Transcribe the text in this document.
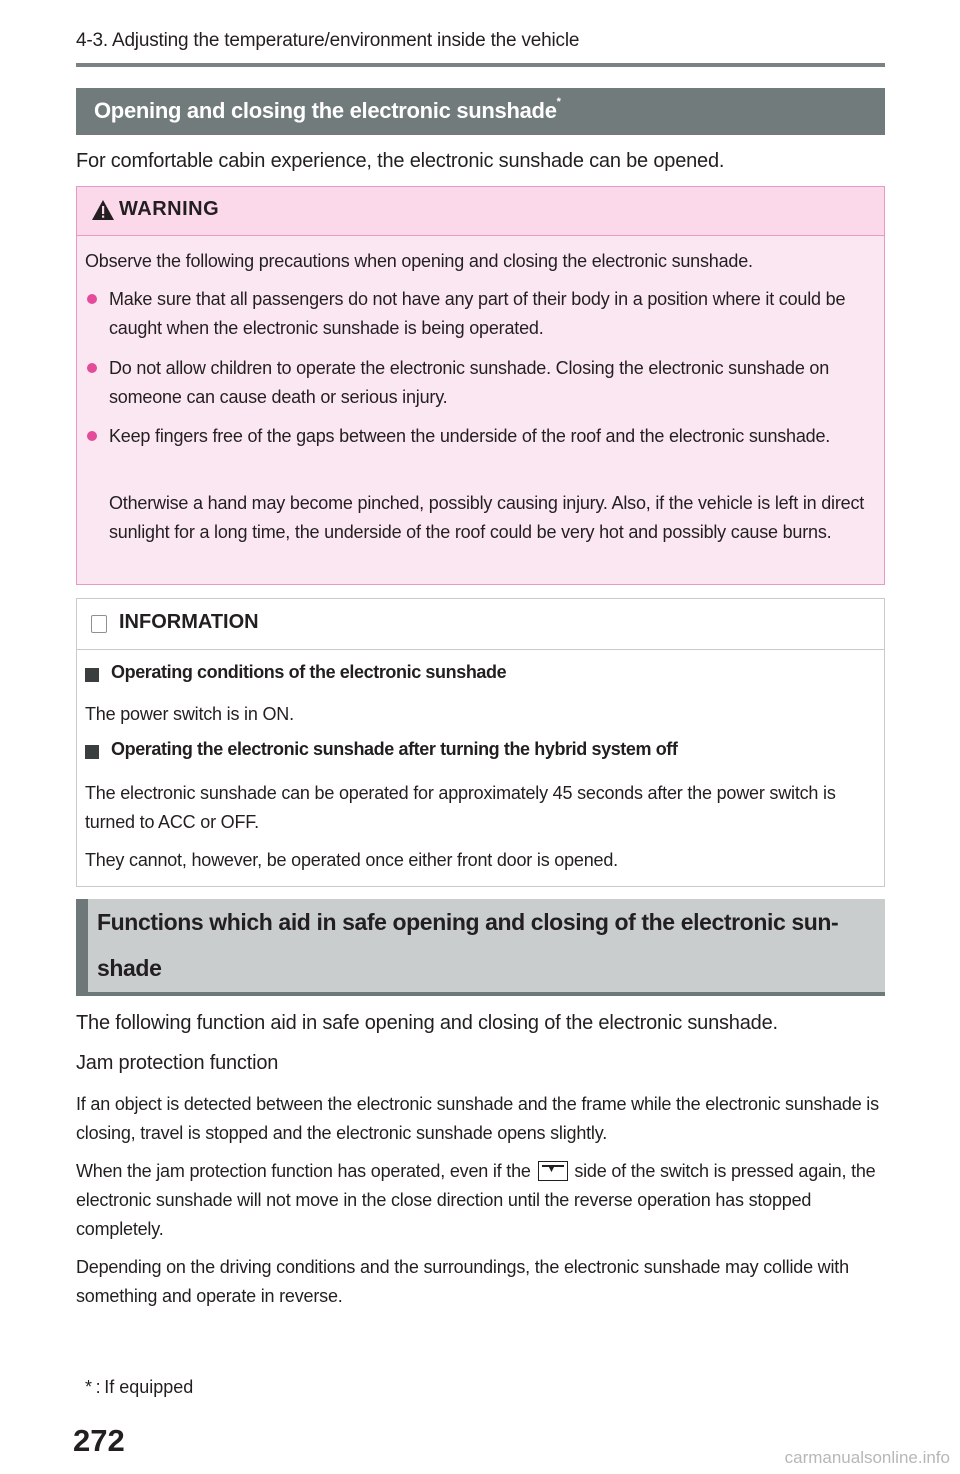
4-3. Adjusting the temperature/environment inside the vehicle
Opening and closing the electronic sunshade*
For comfortable cabin experience, the electronic sunshade can be opened.
WARNING
Observe the following precautions when opening and closing the electronic sunshade.
Make sure that all passengers do not have any part of their body in a position where it could be caught when the electronic sunshade is being operated.
Do not allow children to operate the electronic sunshade. Closing the electronic sunshade on someone can cause death or serious injury.
Keep fingers free of the gaps between the underside of the roof and the electronic sunshade.
Otherwise a hand may become pinched, possibly causing injury. Also, if the vehicle is left in direct sunlight for a long time, the underside of the roof could be very hot and possibly cause burns.
INFORMATION
Operating conditions of the electronic sunshade
The power switch is in ON.
Operating the electronic sunshade after turning the hybrid system off
The electronic sunshade can be operated for approximately 45 seconds after the power switch is turned to ACC or OFF.
They cannot, however, be operated once either front door is opened.
Functions which aid in safe opening and closing of the electronic sun-shade
The following function aid in safe opening and closing of the electronic sunshade.
Jam protection function
If an object is detected between the electronic sunshade and the frame while the electronic sunshade is closing, travel is stopped and the electronic sunshade opens slightly.
When the jam protection function has operated, even if the ▼ side of the switch is pressed again, the electronic sunshade will not move in the close direction until the reverse operation has stopped completely.
Depending on the driving conditions and the surroundings, the electronic sunshade may collide with something and operate in reverse.
* : If equipped
272	carmanualsonline.info
